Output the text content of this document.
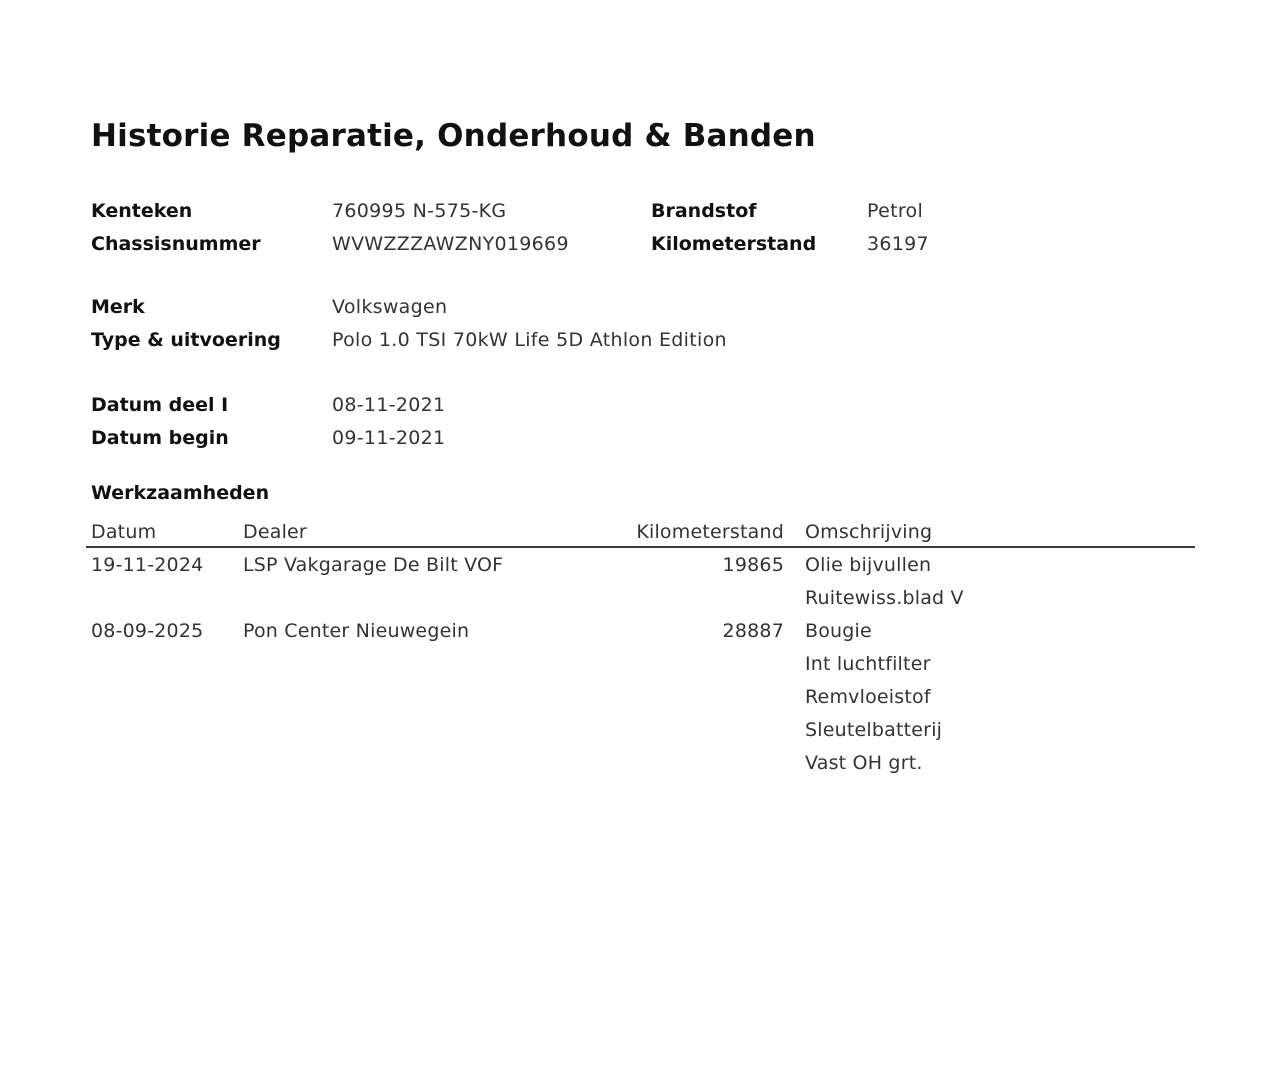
Historie Reparatie, Onderhoud & Banden
Kenteken	760995 N-575-KG	Brandstof	Petrol
Chassisnummer	WVWZZZAWZNY019669	Kilometerstand	36197
Merk	Volkswagen
Type & uitvoering	Polo 1.0 TSI 70kW Life 5D Athlon Edition
Datum deel I	08-11-2021
Datum begin	09-11-2021
Werkzaamheden
Datum	Dealer	Kilometerstand Omschrijving
19-11-2024 LSP Vakgarage De Bilt VOF	19865 Olie bijvullen
Ruitewiss.blad V
08-09-2025 Pon Center Nieuwegein	28887 Bougie
Int luchtfilter
Remvloeistof
Sleutelbatterij
Vast OH grt.
